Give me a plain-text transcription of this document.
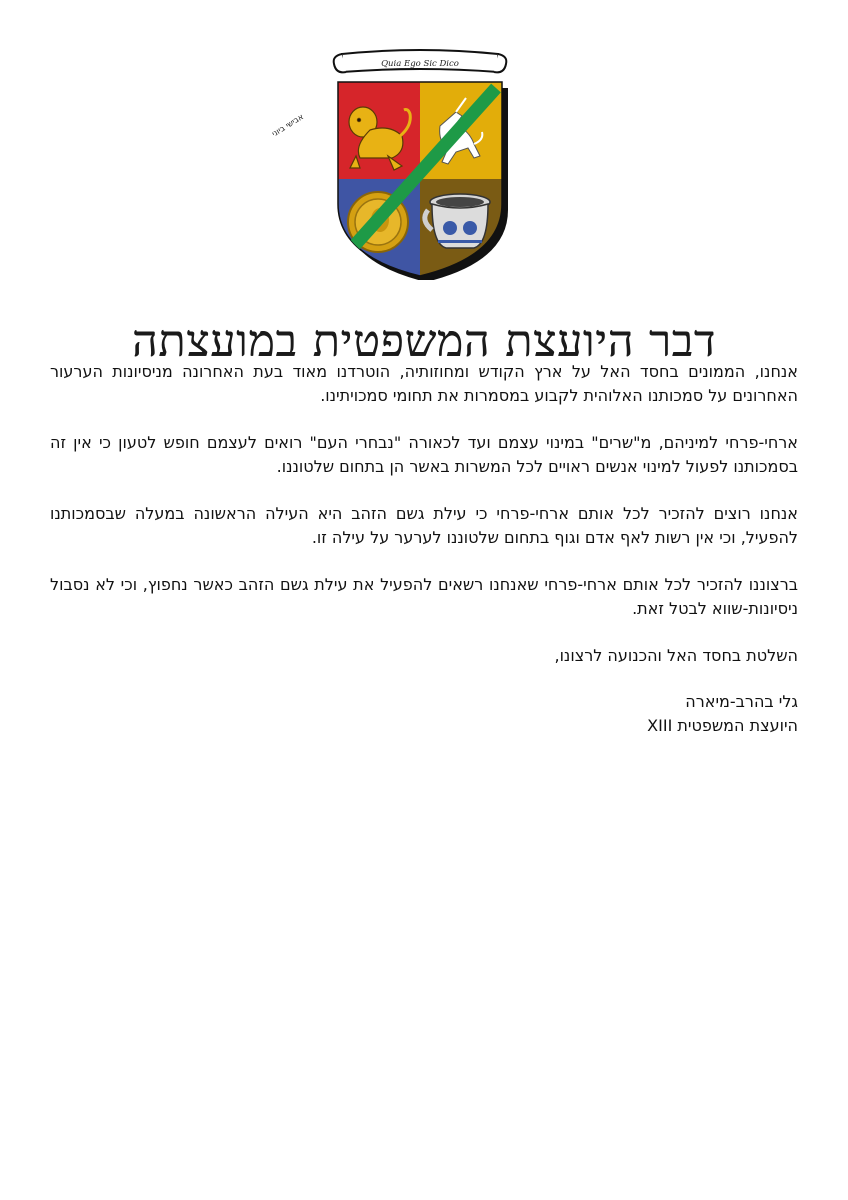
Quia Ego Sic Dico
אבישי ביוני
דבר היועצת המשפטית במועצתה

אנחנו, הממונים בחסד האל על ארץ הקודש ומחוזותיה, הוטרדנו מאוד בעת האחרונה מניסיונות הערעור האחרונים על סמכותנו האלוהית לקבוע במסמרות את תחומי סמכויתינו.

ארחי-פרחי למיניהם, מ"שרים" במינוי עצמם ועד לכאורה "נבחרי העם" רואים לעצמם חופש לטעון כי אין זה בסמכותנו לפעול למינוי אנשים ראויים לכל המשרות באשר הן בתחום שלטוננו.

אנחנו רוצים להזכיר לכל אותם ארחי-פרחי כי עילת גשם הזהב היא העילה הראשונה במעלה שבסמכותנו להפעיל, וכי אין רשות לאף אדם וגוף בתחום שלטוננו לערער על עילה זו.

ברצוננו להזכיר לכל אותם ארחי-פרחי שאנחנו רשאים להפעיל את עילת גשם הזהב כאשר נחפוץ, וכי לא נסבול ניסיונות-שווא לבטל זאת.

השלטת בחסד האל והכנועה לרצונו,

גלי בהרב-מיארה

היועצת המשפטית XIII
